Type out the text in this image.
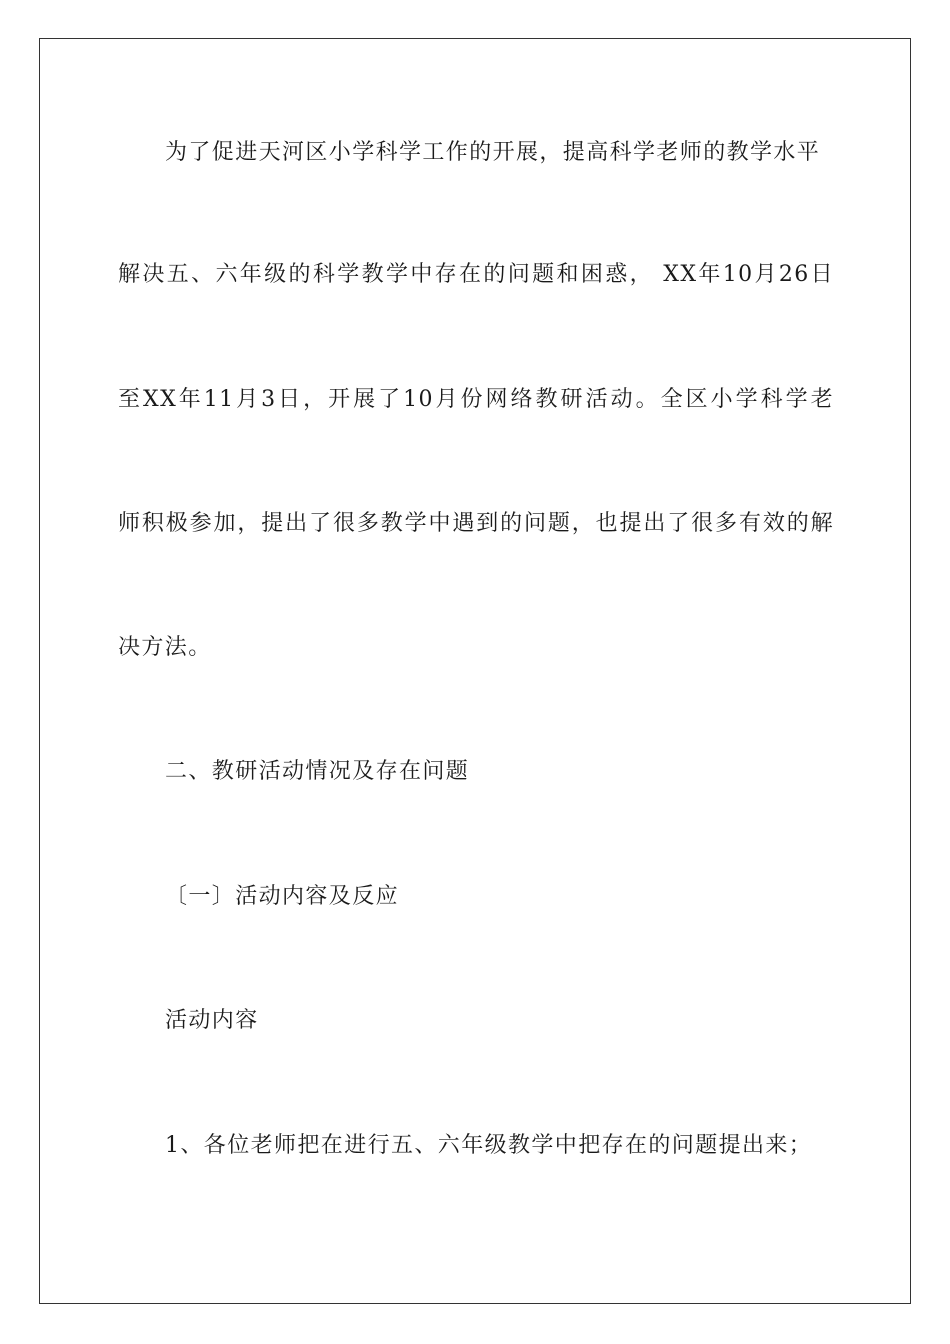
为了促进天河区小学科学工作的开展，提高科学老师的教学水平
解决五、六年级的科学教学中存在的问题和困惑， XX年10月26日
至XX年11月3日，开展了10月份网络教研活动。全区小学科学老
师积极参加，提出了很多教学中遇到的问题，也提出了很多有效的解
决方法。
二、教研活动情况及存在问题
〔一〕活动内容及反应
活动内容
1、各位老师把在进行五、六年级教学中把存在的问题提出来；
